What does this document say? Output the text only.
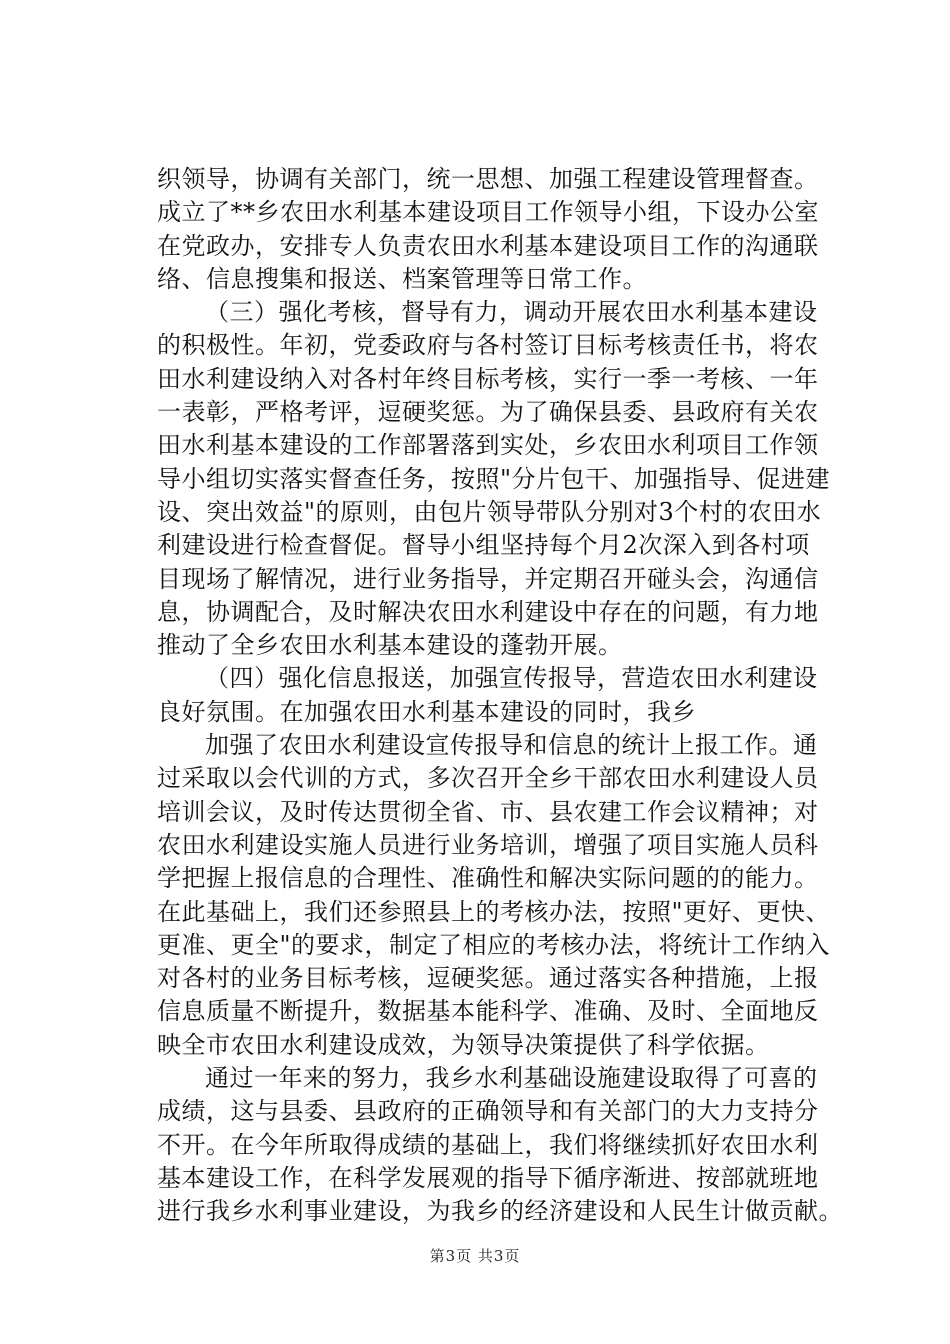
织领导，协调有关部门，统一思想、加强工程建设管理督查。
成立了**乡农田水利基本建设项目工作领导小组，下设办公室
在党政办，安排专人负责农田水利基本建设项目工作的沟通联
络、信息搜集和报送、档案管理等日常工作。
（三）强化考核，督导有力，调动开展农田水利基本建设
的积极性。年初，党委政府与各村签订目标考核责任书，将农
田水利建设纳入对各村年终目标考核，实行一季一考核、一年
一表彰，严格考评，逗硬奖惩。为了确保县委、县政府有关农
田水利基本建设的工作部署落到实处，乡农田水利项目工作领
导小组切实落实督查任务，按照"分片包干、加强指导、促进建
设、突出效益"的原则，由包片领导带队分别对3个村的农田水
利建设进行检查督促。督导小组坚持每个月2次深入到各村项
目现场了解情况，进行业务指导，并定期召开碰头会，沟通信
息，协调配合，及时解决农田水利建设中存在的问题，有力地
推动了全乡农田水利基本建设的蓬勃开展。
（四）强化信息报送，加强宣传报导，营造农田水利建设
良好氛围。在加强农田水利基本建设的同时，我乡
加强了农田水利建设宣传报导和信息的统计上报工作。通
过采取以会代训的方式，多次召开全乡干部农田水利建设人员
培训会议，及时传达贯彻全省、市、县农建工作会议精神；对
农田水利建设实施人员进行业务培训，增强了项目实施人员科
学把握上报信息的合理性、准确性和解决实际问题的的能力。
在此基础上，我们还参照县上的考核办法，按照"更好、更快、
更准、更全"的要求，制定了相应的考核办法，将统计工作纳入
对各村的业务目标考核，逗硬奖惩。通过落实各种措施，上报
信息质量不断提升，数据基本能科学、准确、及时、全面地反
映全市农田水利建设成效，为领导决策提供了科学依据。
通过一年来的努力，我乡水利基础设施建设取得了可喜的
成绩，这与县委、县政府的正确领导和有关部门的大力支持分
不开。在今年所取得成绩的基础上，我们将继续抓好农田水利
基本建设工作，在科学发展观的指导下循序渐进、按部就班地
进行我乡水利事业建设，为我乡的经济建设和人民生计做贡献。
第3页 共3页
